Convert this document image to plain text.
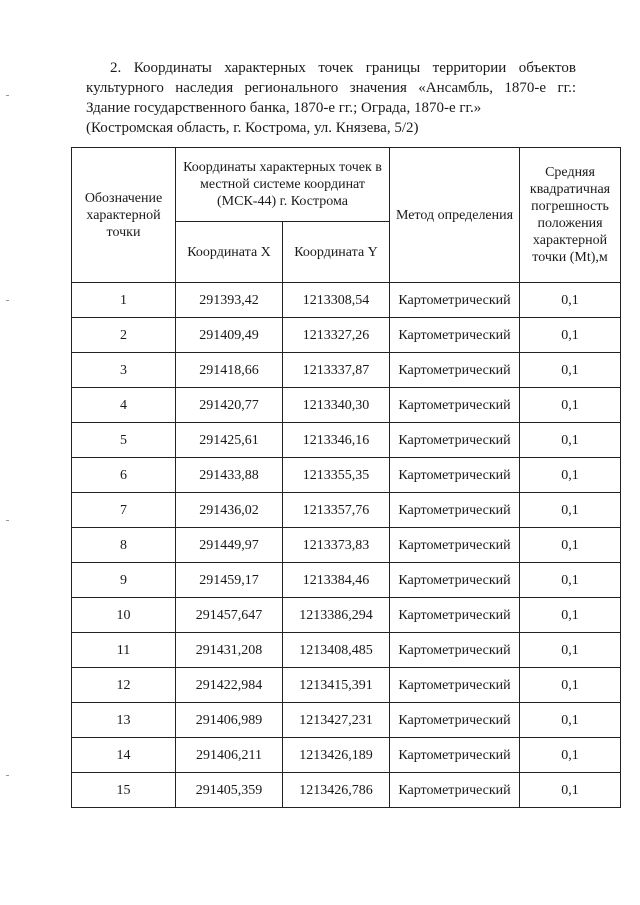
2. Координаты характерных точек границы территории объектов культурного наследия регионального значения «Ансамбль, 1870-е гг.: Здание государственного банка, 1870-е гг.; Ограда, 1870-е гг.»

(Костромская область, г. Кострома, ул. Князева, 5/2)

Обозначение характерной точки	Координаты характерных точек в местной системе координат (МСК-44) г. Кострома		Метод определения	Средняя квадратичная погрешность положения характерной точки (Mt),м
	Координата X	Координата Y		
1	291393,42	1213308,54	Картометрический	0,1
2	291409,49	1213327,26	Картометрический	0,1
3	291418,66	1213337,87	Картометрический	0,1
4	291420,77	1213340,30	Картометрический	0,1
5	291425,61	1213346,16	Картометрический	0,1
6	291433,88	1213355,35	Картометрический	0,1
7	291436,02	1213357,76	Картометрический	0,1
8	291449,97	1213373,83	Картометрический	0,1
9	291459,17	1213384,46	Картометрический	0,1
10	291457,647	1213386,294	Картометрический	0,1
11	291431,208	1213408,485	Картометрический	0,1
12	291422,984	1213415,391	Картометрический	0,1
13	291406,989	1213427,231	Картометрический	0,1
14	291406,211	1213426,189	Картометрический	0,1
15	291405,359	1213426,786	Картометрический	0,1
